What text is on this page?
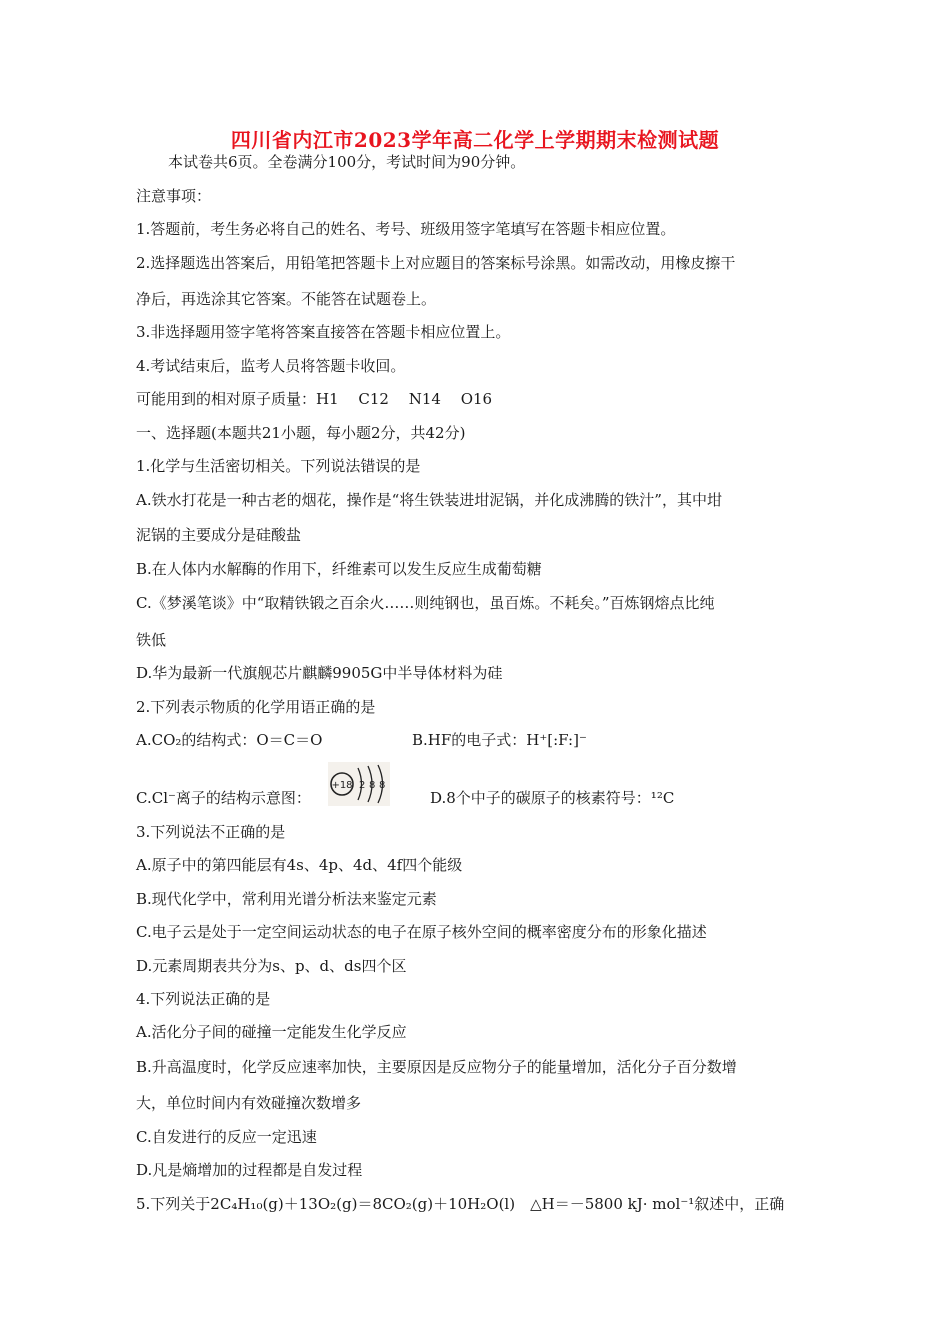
四川省内江市2023学年高二化学上学期期末检测试题
本试卷共6页。全卷满分100分，考试时间为90分钟。
注意事项：
1.答题前，考生务必将自己的姓名、考号、班级用签字笔填写在答题卡相应位置。
2.选择题选出答案后，用铅笔把答题卡上对应题目的答案标号涂黑。如需改动，用橡皮擦干
净后，再选涂其它答案。不能答在试题卷上。
3.非选择题用签字笔将答案直接答在答题卡相应位置上。
4.考试结束后，监考人员将答题卡收回。
可能用到的相对原子质量：H1　 C12　 N14　 O16
一、选择题(本题共21小题，每小题2分，共42分)
1.化学与生活密切相关。下列说法错误的是
A.铁水打花是一种古老的烟花，操作是“将生铁装进坩泥锅，并化成沸腾的铁汁”，其中坩
泥锅的主要成分是硅酸盐
B.在人体内水解酶的作用下，纤维素可以发生反应生成葡萄糖
C.《梦溪笔谈》中“取精铁锻之百余火……则纯钢也，虽百炼。不耗矣。”百炼钢熔点比纯
铁低
D.华为最新一代旗舰芯片麒麟9905G中半导体材料为硅
2.下列表示物质的化学用语正确的是
A.CO₂的结构式：O＝C＝O	B.HF的电子式：H⁺[:F:]⁻
C.Cl⁻离子的结构示意图：	D.8个中子的碳原子的核素符号：¹²C
+18 2 8 8
3.下列说法不正确的是
A.原子中的第四能层有4s、4p、4d、4f四个能级
B.现代化学中，常利用光谱分析法来鉴定元素
C.电子云是处于一定空间运动状态的电子在原子核外空间的概率密度分布的形象化描述
D.元素周期表共分为s、p、d、ds四个区
4.下列说法正确的是
A.活化分子间的碰撞一定能发生化学反应
B.升高温度时，化学反应速率加快，主要原因是反应物分子的能量增加，活化分子百分数增
大，单位时间内有效碰撞次数增多
C.自发进行的反应一定迅速
D.凡是熵增加的过程都是自发过程
5.下列关于2C₄H₁₀(g)＋13O₂(g)＝8CO₂(g)＋10H₂O(l)　△H＝－5800 kJ· mol⁻¹叙述中，正确
